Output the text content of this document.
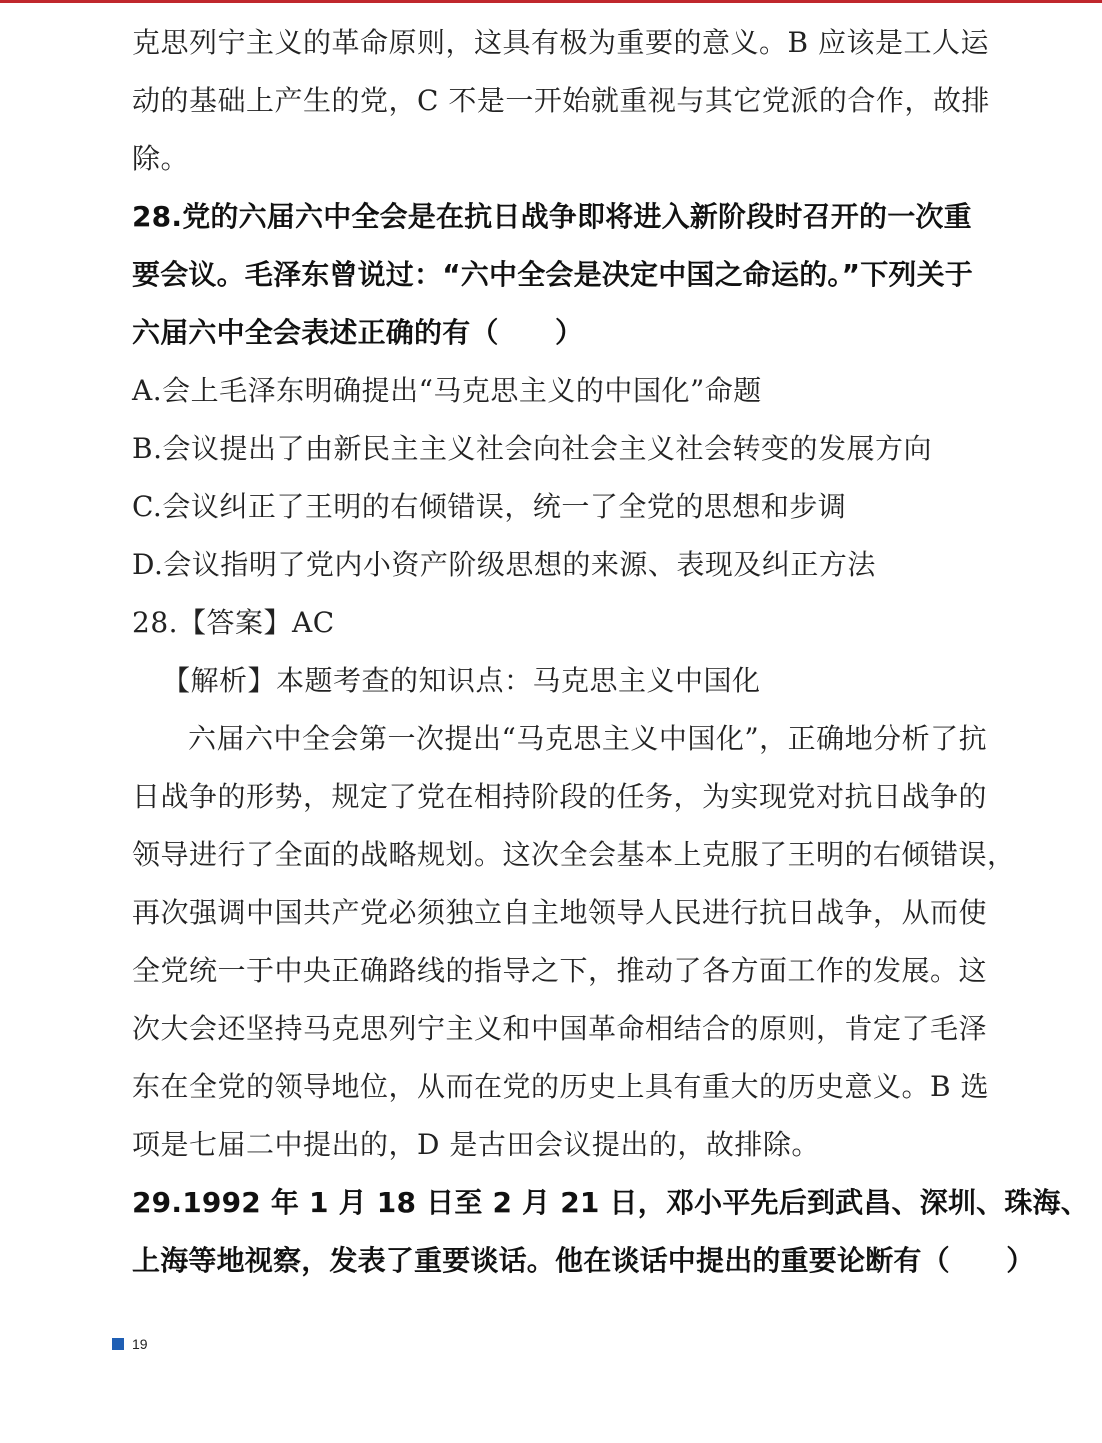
克思列宁主义的革命原则，这具有极为重要的意义。B 应该是工人运
动的基础上产生的党，C 不是一开始就重视与其它党派的合作，故排
除。
28.党的六届六中全会是在抗日战争即将进入新阶段时召开的一次重
要会议。毛泽东曾说过：“六中全会是决定中国之命运的。”下列关于
六届六中全会表述正确的有（　　）
A.会上毛泽东明确提出“马克思主义的中国化”命题
B.会议提出了由新民主主义社会向社会主义社会转变的发展方向
C.会议纠正了王明的右倾错误，统一了全党的思想和步调
D.会议指明了党内小资产阶级思想的来源、表现及纠正方法
28.【答案】AC
【解析】本题考查的知识点：马克思主义中国化
六届六中全会第一次提出“马克思主义中国化”，正确地分析了抗
日战争的形势，规定了党在相持阶段的任务，为实现党对抗日战争的
领导进行了全面的战略规划。这次全会基本上克服了王明的右倾错误，
再次强调中国共产党必须独立自主地领导人民进行抗日战争，从而使
全党统一于中央正确路线的指导之下，推动了各方面工作的发展。这
次大会还坚持马克思列宁主义和中国革命相结合的原则，肯定了毛泽
东在全党的领导地位，从而在党的历史上具有重大的历史意义。B 选
项是七届二中提出的，D 是古田会议提出的，故排除。
29.1992 年 1 月 18 日至 2 月 21 日，邓小平先后到武昌、深圳、珠海、
上海等地视察，发表了重要谈话。他在谈话中提出的重要论断有（　　）
19
